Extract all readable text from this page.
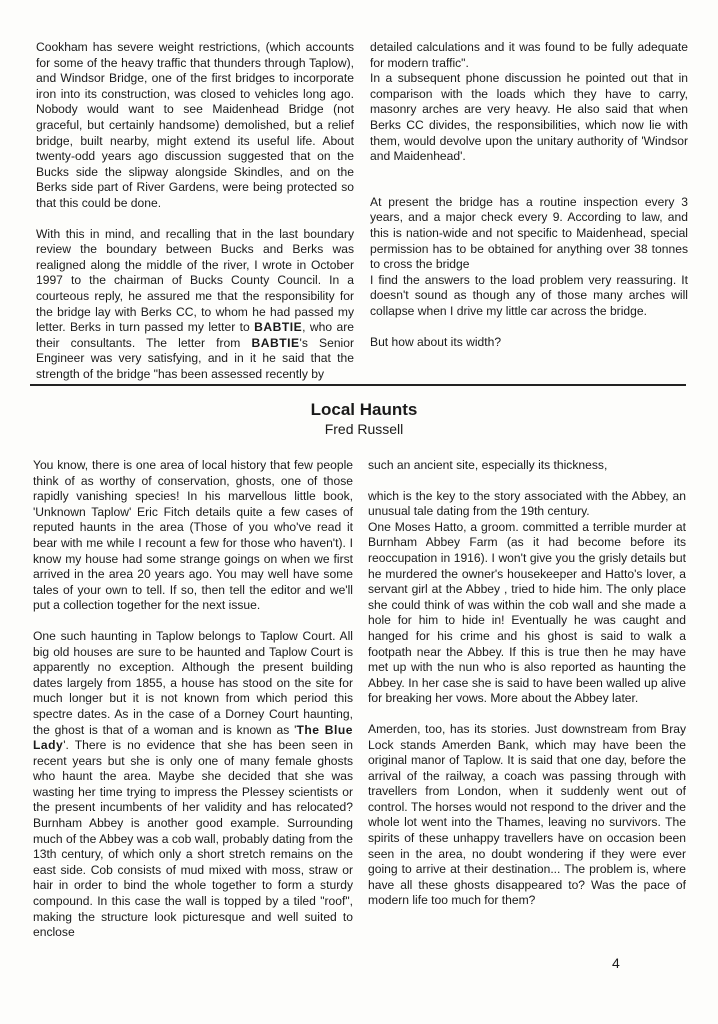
Cookham has severe weight restrictions, (which accounts for some of the heavy traffic that thunders through Taplow), and Windsor Bridge, one of the first bridges to incorporate iron into its construction, was closed to vehicles long ago. Nobody would want to see Maidenhead Bridge (not graceful, but certainly handsome) demolished, but a relief bridge, built nearby, might extend its useful life. About twenty-odd years ago discussion suggested that on the Bucks side the slipway alongside Skindles, and on the Berks side part of River Gardens, were being protected so that this could be done.

With this in mind, and recalling that in the last boundary review the boundary between Bucks and Berks was realigned along the middle of the river, I wrote in October 1997 to the chairman of Bucks County Council. In a courteous reply, he assured me that the responsibility for the bridge lay with Berks CC, to whom he had passed my letter. Berks in turn passed my letter to BABTIE, who are their consultants. The letter from BABTIE's Senior Engineer was very satisfying, and in it he said that the strength of the bridge "has been assessed recently by

detailed calculations and it was found to be fully adequate for modern traffic".

In a subsequent phone discussion he pointed out that in comparison with the loads which they have to carry, masonry arches are very heavy. He also said that when Berks CC divides, the responsibilities, which now lie with them, would devolve upon the unitary authority of 'Windsor and Maidenhead'.

At present the bridge has a routine inspection every 3 years, and a major check every 9. According to law, and this is nation-wide and not specific to Maidenhead, special permission has to be obtained for anything over 38 tonnes to cross the bridge

I find the answers to the load problem very reassuring. It doesn't sound as though any of those many arches will collapse when I drive my little car across the bridge.

But how about its width?

Local Haunts
Fred Russell

You know, there is one area of local history that few people think of as worthy of conservation, ghosts, one of those rapidly vanishing species! In his marvellous little book, 'Unknown Taplow' Eric Fitch details quite a few cases of reputed haunts in the area (Those of you who've read it bear with me while I recount a few for those who haven't). I know my house had some strange goings on when we first arrived in the area 20 years ago. You may well have some tales of your own to tell. If so, then tell the editor and we'll put a collection together for the next issue.

One such haunting in Taplow belongs to Taplow Court. All big old houses are sure to be haunted and Taplow Court is apparently no exception. Although the present building dates largely from 1855, a house has stood on the site for much longer but it is not known from which period this spectre dates. As in the case of a Dorney Court haunting, the ghost is that of a woman and is known as 'The Blue Lady'. There is no evidence that she has been seen in recent years but she is only one of many female ghosts who haunt the area. Maybe she decided that she was wasting her time trying to impress the Plessey scientists or the present incumbents of her validity and has relocated? Burnham Abbey is another good example. Surrounding much of the Abbey was a cob wall, probably dating from the 13th century, of which only a short stretch remains on the east side. Cob consists of mud mixed with moss, straw or hair in order to bind the whole together to form a sturdy compound. In this case the wall is topped by a tiled "roof", making the structure look picturesque and well suited to enclose

such an ancient site, especially its thickness,

which is the key to the story associated with the Abbey, an unusual tale dating from the 19th century.

One Moses Hatto, a groom. committed a terrible murder at Burnham Abbey Farm (as it had become before its reoccupation in 1916). I won't give you the grisly details but he murdered the owner's housekeeper and Hatto's lover, a servant girl at the Abbey , tried to hide him. The only place she could think of was within the cob wall and she made a hole for him to hide in! Eventually he was caught and hanged for his crime and his ghost is said to walk a footpath near the Abbey. If this is true then he may have met up with the nun who is also reported as haunting the Abbey. In her case she is said to have been walled up alive for breaking her vows. More about the Abbey later.

Amerden, too, has its stories. Just downstream from Bray Lock stands Amerden Bank, which may have been the original manor of Taplow. It is said that one day, before the arrival of the railway, a coach was passing through with travellers from London, when it suddenly went out of control. The horses would not respond to the driver and the whole lot went into the Thames, leaving no survivors. The spirits of these unhappy travellers have on occasion been seen in the area, no doubt wondering if they were ever going to arrive at their destination... The problem is, where have all these ghosts disappeared to? Was the pace of modern life too much for them?

4
